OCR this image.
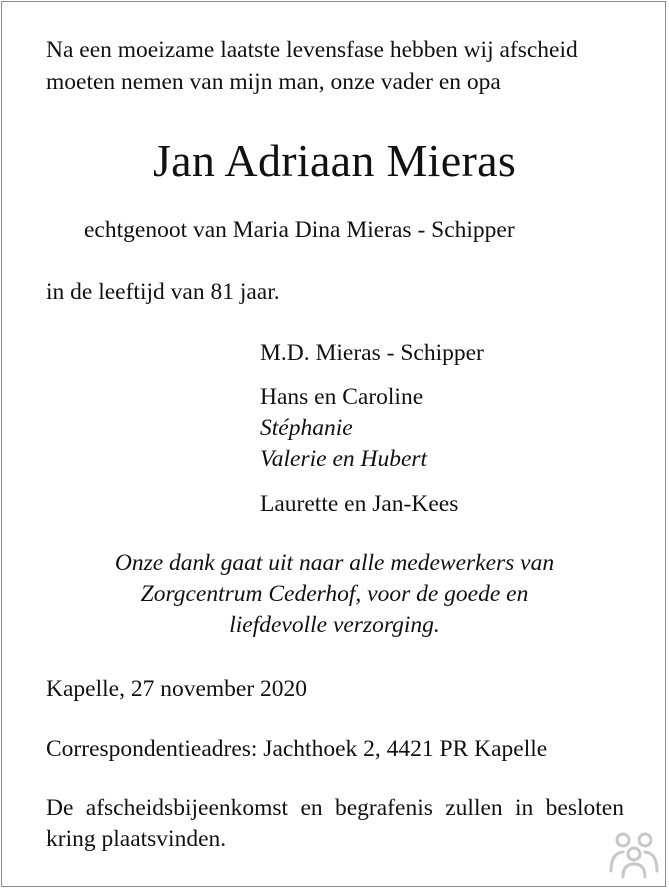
Na een moeizame laatste levensfase hebben wij afscheid
moeten nemen van mijn man, onze vader en opa

Jan Adriaan Mieras

echtgenoot van Maria Dina Mieras - Schipper

in de leeftijd van 81 jaar.

M.D. Mieras - Schipper

Hans en Caroline
Stéphanie
Valerie en Hubert

Laurette en Jan-Kees

Onze dank gaat uit naar alle medewerkers van
Zorgcentrum Cederhof, voor de goede en
liefdevolle verzorging.

Kapelle, 27 november 2020

Correspondentieadres: Jachthoek 2, 4421 PR Kapelle

De afscheidsbijeenkomst en begrafenis zullen in besloten kring plaatsvinden.
